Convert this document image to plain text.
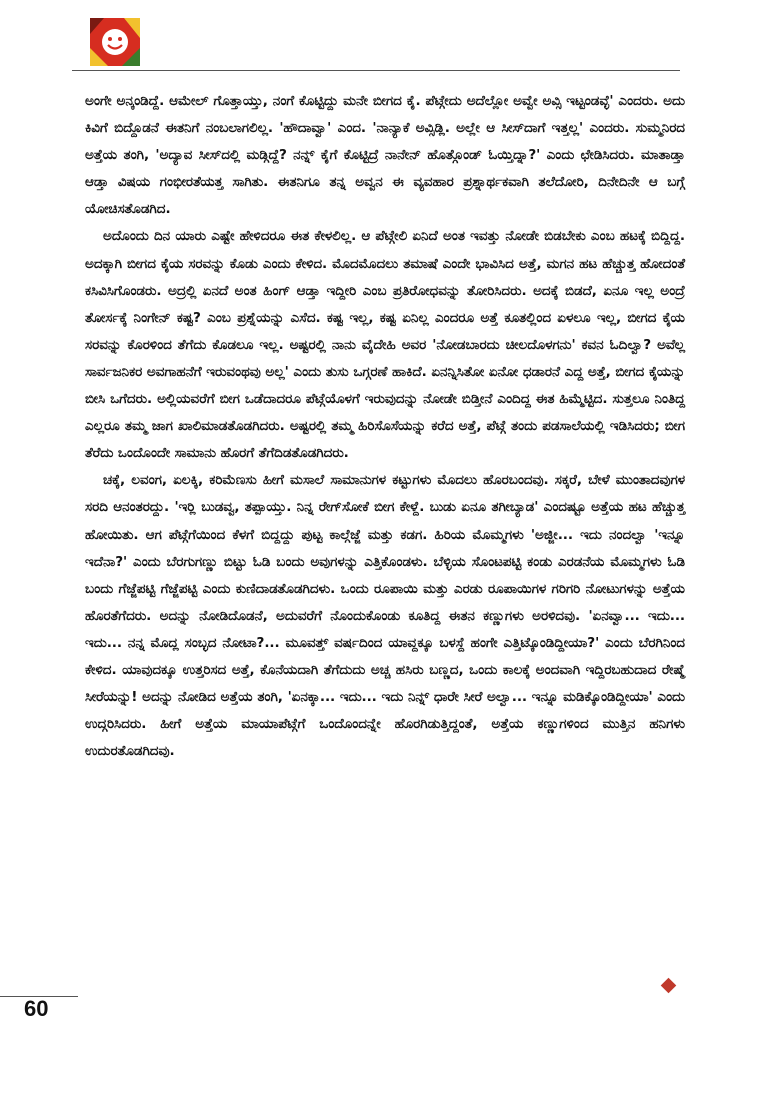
ಅಂಗೇ ಅನ್ಕಂಡಿದ್ದೆ. ಆಮೇಲ್ ಗೊತ್ತಾಯ್ತು, ನಂಗೆ ಕೊಟ್ಟಿದ್ದು ಮನೇ ಬೀಗದ ಕೈ. ಪೆಟ್ಗೇದು ಅದೆಲ್ಲೋ ಅವ್ವೇ ಅವ್ಸಿ ಇಟ್ಟಂಡವ್ಳೆ' ಎಂದರು. ಅದು ಕಿವಿಗೆ ಬಿದ್ದೊಡನೆ ಈತನಿಗೆ ನಂಬಲಾಗಲಿಲ್ಲ. 'ಹೌದಾವ್ವಾ' ಎಂದ. 'ನಾನ್ಯಾಕೆ ಅವ್ಸಿಡ್ಲಿ. ಅಲ್ಲೇ ಆ ಸೀಸ್‌ದಾಗೆ ಇತ್ತಲ್ಲ' ಎಂದರು. ಸುಮ್ಮನಿರದ ಅತ್ತೆಯ ತಂಗಿ, 'ಅದ್ಯಾವ ಸೀಸ್‌ದಲ್ಲಿ ಮಡ್ಗಿದ್ದೆ? ನನ್ನ್ ಕೈಗೆ ಕೊಟ್ಟಿದ್ರೆ ನಾನೇನ್ ಹೊತ್ಗೊಂಡ್ ಓಯ್ತಿದ್ನಾ?' ಎಂದು ಛೇಡಿಸಿದರು. ಮಾತಾಡ್ತಾ ಆಡ್ತಾ ವಿಷಯ ಗಂಭೀರತೆಯತ್ತ ಸಾಗಿತು. ಈತನಿಗೂ ತನ್ನ ಅವ್ವನ ಈ ವ್ಯವಹಾರ ಪ್ರಶ್ನಾರ್ಥಕವಾಗಿ ತಲೆದೋರಿ, ದಿನೇದಿನೇ ಆ ಬಗ್ಗೆ ಯೋಚಿಸತೊಡಗಿದ.

ಅದೊಂದು ದಿನ ಯಾರು ಎಷ್ಟೇ ಹೇಳಿದರೂ ಈತ ಕೇಳಲಿಲ್ಲ. ಆ ಪೆಟ್ಗೇಲಿ ಏನಿದೆ ಅಂತ ಇವತ್ತು ನೋಡೇ ಬಿಡಬೇಕು ಎಂಬ ಹಟಕ್ಕೆ ಬಿದ್ದಿದ್ದ. ಅದಕ್ಕಾಗಿ ಬೀಗದ ಕೈಯ ಸರವನ್ನು ಕೊಡು ಎಂದು ಕೇಳಿದ. ಮೊದಮೊದಲು ತಮಾಷೆ ಎಂದೇ ಭಾವಿಸಿದ ಅತ್ತೆ, ಮಗನ ಹಟ ಹೆಚ್ಚುತ್ತ ಹೋದಂತೆ ಕಸಿವಿಸಿಗೊಂಡರು. ಅದ್ರಲ್ಲಿ ಏನದೆ ಅಂತ ಹಿಂಗ್ ಆಡ್ತಾ ಇದ್ದೀರಿ ಎಂಬ ಪ್ರತಿರೋಧವನ್ನು ತೋರಿಸಿದರು. ಅದಕ್ಕೆ ಬಿಡದೆ, ಏನೂ ಇಲ್ಲ ಅಂದ್ರೆ ತೋರ್ಸಕ್ಕೆ ನಿಂಗೇನ್ ಕಷ್ಟ? ಎಂಬ ಪ್ರಶ್ನೆಯನ್ನು ಎಸೆದ. ಕಷ್ಟ ಇಲ್ಲ, ಕಷ್ಟ ಏನಿಲ್ಲ ಎಂದರೂ ಅತ್ತೆ ಕೂತಲ್ಲಿಂದ ಏಳಲೂ ಇಲ್ಲ, ಬೀಗದ ಕೈಯ ಸರವನ್ನು ಕೊರಳಿಂದ ತೆಗೆದು ಕೊಡಲೂ ಇಲ್ಲ. ಅಷ್ಟರಲ್ಲಿ ನಾನು ವೈದೇಹಿ ಅವರ 'ನೋಡಬಾರದು ಚೀಲದೊಳಗನು' ಕವನ ಓದಿಲ್ವಾ? ಅವೆಲ್ಲ ಸಾರ್ವಜನಿಕರ ಅವಗಾಹನೆಗೆ ಇರುವಂಥವು ಅಲ್ಲ' ಎಂದು ತುಸು ಒಗ್ಗರಣೆ ಹಾಕಿದೆ. ಏನನ್ನಿಸಿತೋ ಏನೋ ಧಡಾರನೆ ಎದ್ದ ಅತ್ತೆ, ಬೀಗದ ಕೈಯನ್ನು ಬೀಸಿ ಒಗೆದರು. ಅಲ್ಲಿಯವರೆಗೆ ಬೀಗ ಒಡೆದಾದರೂ ಪೆಟ್ಗೆಯೊಳಗೆ ಇರುವುದನ್ನು ನೋಡೇ ಬಿಡ್ತೀನೆ ಎಂದಿದ್ದ ಈತ ಹಿಮ್ಮೆಟ್ಟಿದ. ಸುತ್ತಲೂ ನಿಂತಿದ್ದ ಎಲ್ಲರೂ ತಮ್ಮ ಜಾಗ ಖಾಲಿಮಾಡತೊಡಗಿದರು. ಅಷ್ಟರಲ್ಲಿ ತಮ್ಮ ಹಿರಿಸೊಸೆಯನ್ನು ಕರೆದ ಅತ್ತೆ, ಪೆಟ್ಗೆ ತಂದು ಪಡಸಾಲೆಯಲ್ಲಿ ಇಡಿಸಿದರು; ಬೀಗ ತೆರೆದು ಒಂದೊಂದೇ ಸಾಮಾನು ಹೊರಗೆ ತೆಗೆದಿಡತೊಡಗಿದರು.

ಚಕ್ಕೆ, ಲವಂಗ, ಏಲಕ್ಕಿ, ಕರಿಮೆಣಸು ಹೀಗೆ ಮಸಾಲೆ ಸಾಮಾನುಗಳ ಕಟ್ಟುಗಳು ಮೊದಲು ಹೊರಬಂದವು. ಸಕ್ಕರೆ, ಬೇಳೆ ಮುಂತಾದವುಗಳ ಸರದಿ ಆನಂತರದ್ದು. 'ಇರ್‍ಲಿ ಬುಡವ್ವ, ತಪ್ಪಾಯ್ತು. ನಿನ್ನ ರೇಗ್‌ಸೋಕೆ ಬೀಗ ಕೇಳ್ದೆ. ಬುಡು ಏನೂ ತಗೀಬ್ಯಾಡ' ಎಂದಷ್ಟೂ ಅತ್ತೆಯ ಹಟ ಹೆಚ್ಚುತ್ತ ಹೋಯಿತು. ಆಗ ಪೆಟ್ಗೆಗೆಯಿಂದ ಕೆಳಗೆ ಬಿದ್ದದ್ದು ಪುಟ್ಟ ಕಾಲ್ಗೆಜ್ಜೆ ಮತ್ತು ಕಡಗ. ಹಿರಿಯ ಮೊಮ್ಮಗಳು 'ಅಜ್ಜೀ... ಇದು ನಂದಲ್ವಾ 'ಇನ್ನೂ ಇದೆನಾ?' ಎಂದು ಬೆರಗುಗಣ್ಣು ಬಿಟ್ಟು ಓಡಿ ಬಂದು ಅವುಗಳನ್ನು ಎತ್ತಿಕೊಂಡಳು. ಬೆಳ್ಳಿಯ ಸೊಂಟಪಟ್ಟಿ ಕಂಡು ಎರಡನೆಯ ಮೊಮ್ಮಗಳು ಓಡಿ ಬಂದು ಗೆಜ್ಜೆಪಟ್ಟಿ ಗೆಜ್ಜೆಪಟ್ಟಿ ಎಂದು ಕುಣಿದಾಡತೊಡಗಿದಳು. ಒಂದು ರೂಪಾಯಿ ಮತ್ತು ಎರಡು ರೂಪಾಯಿಗಳ ಗರಿಗರಿ ನೋಟುಗಳನ್ನು ಅತ್ತೆಯ ಹೊರತೆಗೆದರು. ಅದನ್ನು ನೋಡಿದೊಡನೆ, ಅದುವರೆಗೆ ನೊಂದುಕೊಂಡು ಕೂತಿದ್ದ ಈತನ ಕಣ್ಣುಗಳು ಅರಳಿದವು. 'ಏನವ್ವಾ... ಇದು... ಇದು... ನನ್ನ ಮೊದ್ಲ ಸಂಬ್ಳದ ನೋಟಾ?... ಮೂವತ್ತ್ ವರ್ಷದಿಂದ ಯಾವ್ದಕ್ಕೂ ಬಳಸ್ದೆ ಹಂಗೇ ಎತ್ತಿಟ್ಕೊಂಡಿದ್ದೀಯಾ?' ಎಂದು ಬೆರಗಿನಿಂದ ಕೇಳಿದ. ಯಾವುದಕ್ಕೂ ಉತ್ತರಿಸದ ಅತ್ತೆ, ಕೊನೆಯದಾಗಿ ತೆಗೆದುದು ಅಚ್ಚ ಹಸಿರು ಬಣ್ಣದ, ಒಂದು ಕಾಲಕ್ಕೆ ಅಂದವಾಗಿ ಇದ್ದಿರಬಹುದಾದ ರೇಷ್ಮೆ ಸೀರೆಯನ್ನು! ಅದನ್ನು ನೋಡಿದ ಅತ್ತೆಯ ತಂಗಿ, 'ಏನಕ್ಕಾ... ಇದು... ಇದು ನಿನ್ನ್ ಧಾರೇ ಸೀರೆ ಅಲ್ವಾ... ಇನ್ನೂ ಮಡಿಕ್ಕೊಂಡಿದ್ದೀಯಾ' ಎಂದು ಉದ್ಗರಿಸಿದರು. ಹೀಗೆ ಅತ್ತೆಯ ಮಾಯಾಪೆಟ್ಗೆಗೆ ಒಂದೊಂದನ್ನೇ ಹೊರಗಿಡುತ್ತಿದ್ದಂತೆ, ಅತ್ತೆಯ ಕಣ್ಣುಗಳಿಂದ ಮುತ್ತಿನ ಹನಿಗಳು ಉದುರತೊಡಗಿದವು.

60
